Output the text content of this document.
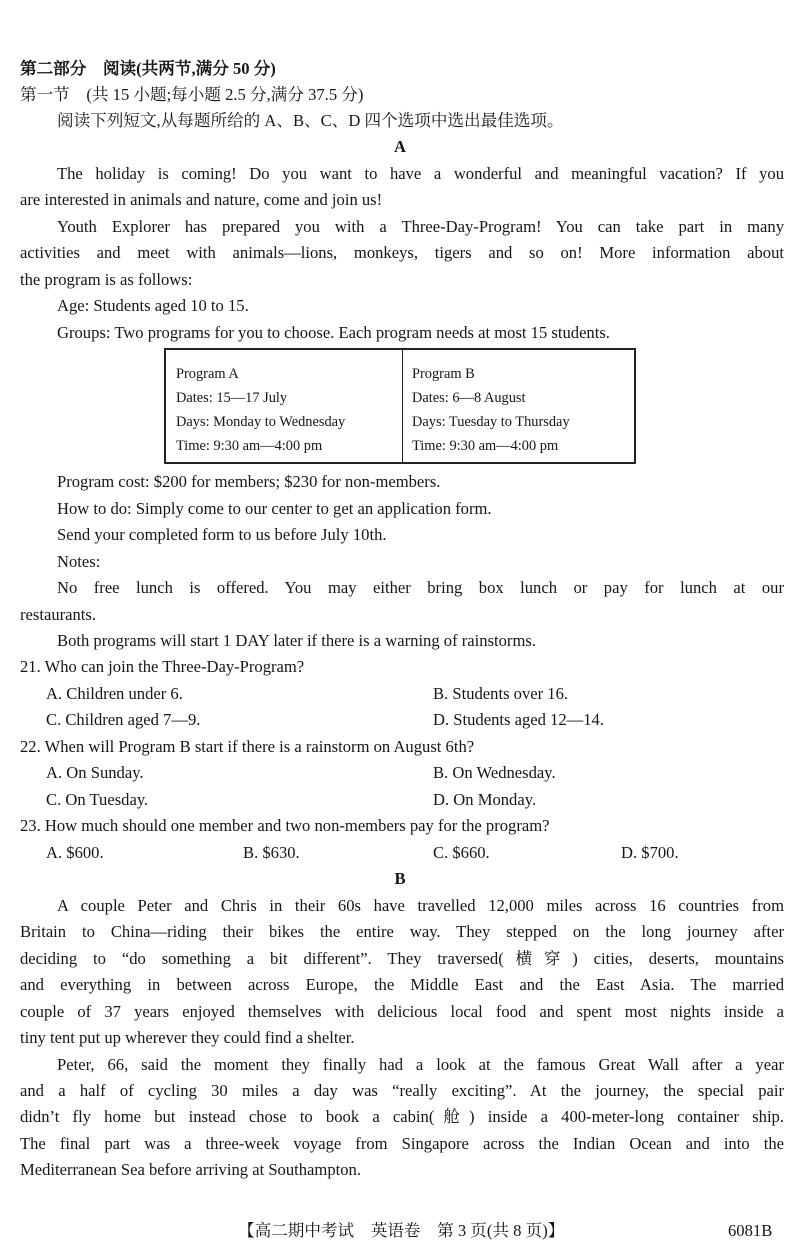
第二部分　阅读(共两节,满分 50 分)
第一节　(共 15 小题;每小题 2.5 分,满分 37.5 分)
阅读下列短文,从每题所给的 A、B、C、D 四个选项中选出最佳选项。
A
The holiday is coming! Do you want to have a wonderful and meaningful vacation? If you
are interested in animals and nature, come and join us!
Youth Explorer has prepared you with a Three-Day-Program! You can take part in many
activities and meet with animals—lions, monkeys, tigers and so on! More information about
the program is as follows:
Age: Students aged 10 to 15.
Groups: Two programs for you to choose. Each program needs at most 15 students.
Program A
Dates: 15—17 July
Days: Monday to Wednesday
Time: 9:30 am—4:00 pm
Program B
Dates: 6—8 August
Days: Tuesday to Thursday
Time: 9:30 am—4:00 pm
Program cost: $200 for members; $230 for non-members.
How to do: Simply come to our center to get an application form.
Send your completed form to us before July 10th.
Notes:
No free lunch is offered. You may either bring box lunch or pay for lunch at our
restaurants.
Both programs will start 1 DAY later if there is a warning of rainstorms.
21. Who can join the Three-Day-Program?
A. Children under 6.	B. Students over 16.
C. Children aged 7—9.	D. Students aged 12—14.
22. When will Program B start if there is a rainstorm on August 6th?
A. On Sunday.	B. On Wednesday.
C. On Tuesday.	D. On Monday.
23. How much should one member and two non-members pay for the program?
A. $600.	B. $630.	C. $660.	D. $700.
B
A couple Peter and Chris in their 60s have travelled 12,000 miles across 16 countries from
Britain to China—riding their bikes the entire way. They stepped on the long journey after
deciding to “do something a bit different”. They traversed(横穿) cities, deserts, mountains
and everything in between across Europe, the Middle East and the East Asia. The married
couple of 37 years enjoyed themselves with delicious local food and spent most nights inside a
tiny tent put up wherever they could find a shelter.
Peter, 66, said the moment they finally had a look at the famous Great Wall after a year
and a half of cycling 30 miles a day was “really exciting”. At the journey, the special pair
didn’t fly home but instead chose to book a cabin(舱) inside a 400-meter-long container ship.
The final part was a three-week voyage from Singapore across the Indian Ocean and into the
Mediterranean Sea before arriving at Southampton.
【高二期中考试　英语卷　第 3 页(共 8 页)】	6081B
